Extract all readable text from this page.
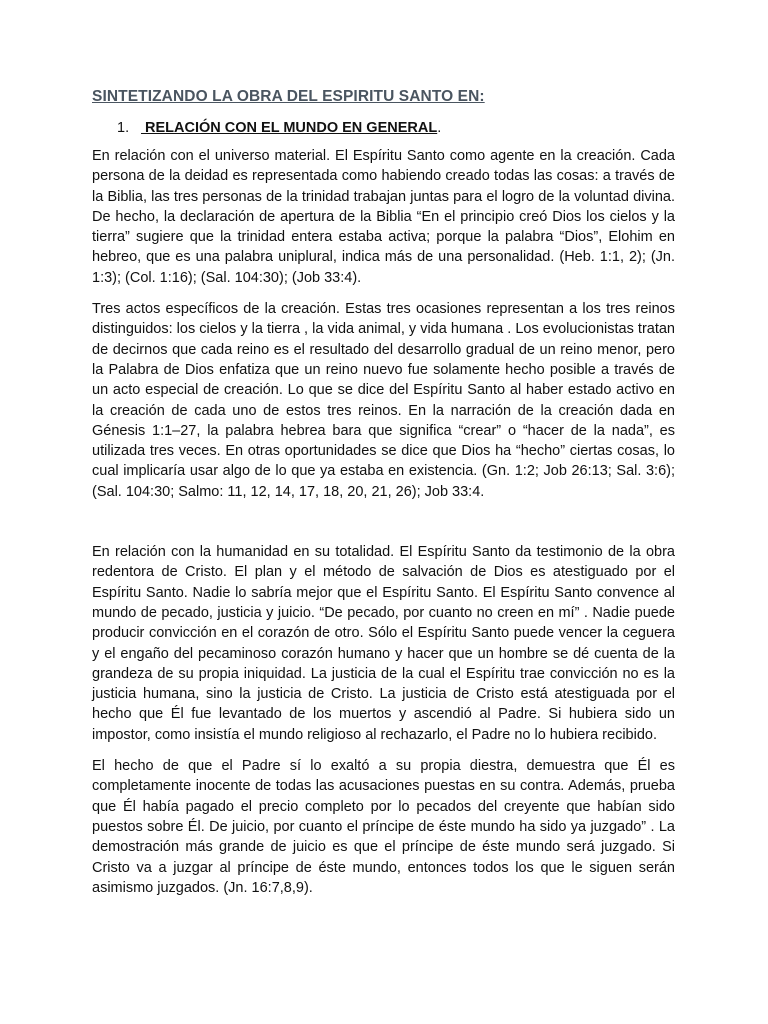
SINTETIZANDO LA OBRA DEL ESPIRITU SANTO EN:
1. RELACIÓN CON EL MUNDO EN GENERAL.

En relación con el universo material. El Espíritu Santo como agente en la creación. Cada persona de la deidad es representada como habiendo creado todas las cosas: a través de la Biblia, las tres personas de la trinidad trabajan juntas para el logro de la voluntad divina. De hecho, la declaración de apertura de la Biblia “En el principio creó Dios los cielos y la tierra” sugiere que la trinidad entera estaba activa; porque la palabra “Dios”, Elohim en hebreo, que es una palabra uniplural, indica más de una personalidad. (Heb. 1:1, 2); (Jn. 1:3); (Col. 1:16); (Sal. 104:30); (Job 33:4).

Tres actos específicos de la creación. Estas tres ocasiones representan a los tres reinos distinguidos: los cielos y la tierra , la vida animal, y vida humana . Los evolucionistas tratan de decirnos que cada reino es el resultado del desarrollo gradual de un reino menor, pero la Palabra de Dios enfatiza que un reino nuevo fue solamente hecho posible a través de un acto especial de creación. Lo que se dice del Espíritu Santo al haber estado activo en la creación de cada uno de estos tres reinos. En la narración de la creación dada en Génesis 1:1–27, la palabra hebrea bara que significa “crear” o “hacer de la nada”, es utilizada tres veces. En otras oportunidades se dice que Dios ha “hecho” ciertas cosas, lo cual implicaría usar algo de lo que ya estaba en existencia. (Gn. 1:2; Job 26:13; Sal. 3:6); (Sal. 104:30; Salmo: 11, 12, 14, 17, 18, 20, 21, 26); Job 33:4.

En relación con la humanidad en su totalidad. El Espíritu Santo da testimonio de la obra redentora de Cristo. El plan y el método de salvación de Dios es atestiguado por el Espíritu Santo. Nadie lo sabría mejor que el Espíritu Santo. El Espíritu Santo convence al mundo de pecado, justicia y juicio. “De pecado, por cuanto no creen en mí” . Nadie puede producir convicción en el corazón de otro. Sólo el Espíritu Santo puede vencer la ceguera y el engaño del pecaminoso corazón humano y hacer que un hombre se dé cuenta de la grandeza de su propia iniquidad. La justicia de la cual el Espíritu trae convicción no es la justicia humana, sino la justicia de Cristo. La justicia de Cristo está atestiguada por el hecho que Él fue levantado de los muertos y ascendió al Padre. Si hubiera sido un impostor, como insistía el mundo religioso al rechazarlo, el Padre no lo hubiera recibido.

El hecho de que el Padre sí lo exaltó a su propia diestra, demuestra que Él es completamente inocente de todas las acusaciones puestas en su contra. Además, prueba que Él había pagado el precio completo por lo pecados del creyente que habían sido puestos sobre Él. De juicio, por cuanto el príncipe de éste mundo ha sido ya juzgado” . La demostración más grande de juicio es que el príncipe de éste mundo será juzgado. Si Cristo va a juzgar al príncipe de éste mundo, entonces todos los que le siguen serán asimismo juzgados. (Jn. 16:7,8,9).
